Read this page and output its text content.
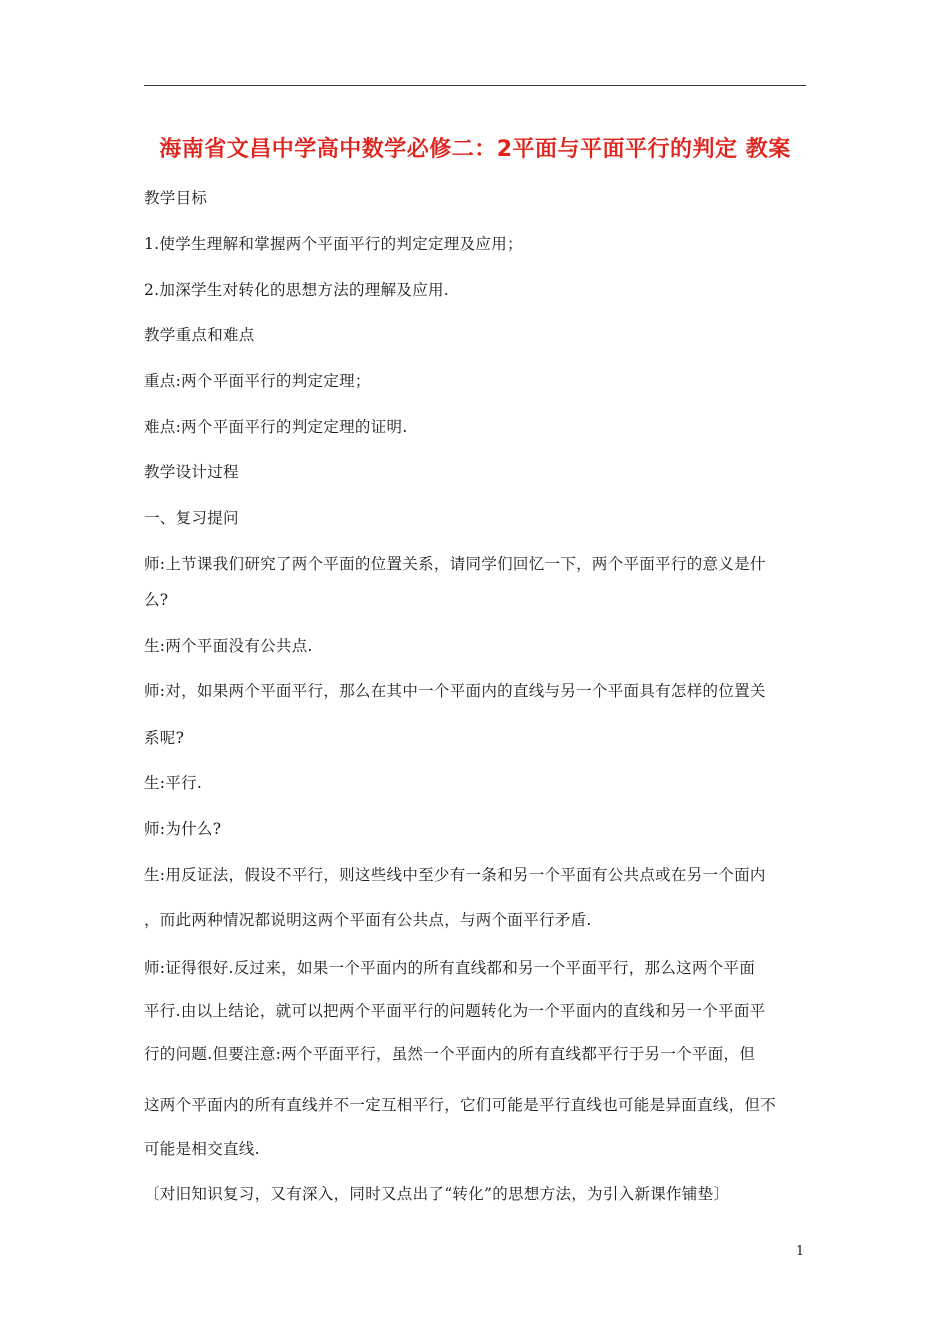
海南省文昌中学高中数学必修二：2平面与平面平行的判定 教案
教学目标
1.使学生理解和掌握两个平面平行的判定定理及应用；
2.加深学生对转化的思想方法的理解及应用.
教学重点和难点
重点:两个平面平行的判定定理；
难点:两个平面平行的判定定理的证明.
教学设计过程
一、复习提问
师:上节课我们研究了两个平面的位置关系，请同学们回忆一下，两个平面平行的意义是什
么?
生:两个平面没有公共点.
师:对，如果两个平面平行，那么在其中一个平面内的直线与另一个平面具有怎样的位置关
系呢?
生:平行.
师:为什么?
生:用反证法，假设不平行，则这些线中至少有一条和另一个平面有公共点或在另一个面内
，而此两种情况都说明这两个平面有公共点，与两个面平行矛盾.
师:证得很好.反过来，如果一个平面内的所有直线都和另一个平面平行，那么这两个平面
平行.由以上结论，就可以把两个平面平行的问题转化为一个平面内的直线和另一个平面平
行的问题.但要注意:两个平面平行，虽然一个平面内的所有直线都平行于另一个平面，但
这两个平面内的所有直线并不一定互相平行，它们可能是平行直线也可能是异面直线，但不
可能是相交直线.
〔对旧知识复习，又有深入，同时又点出了“转化”的思想方法，为引入新课作铺垫〕
1
